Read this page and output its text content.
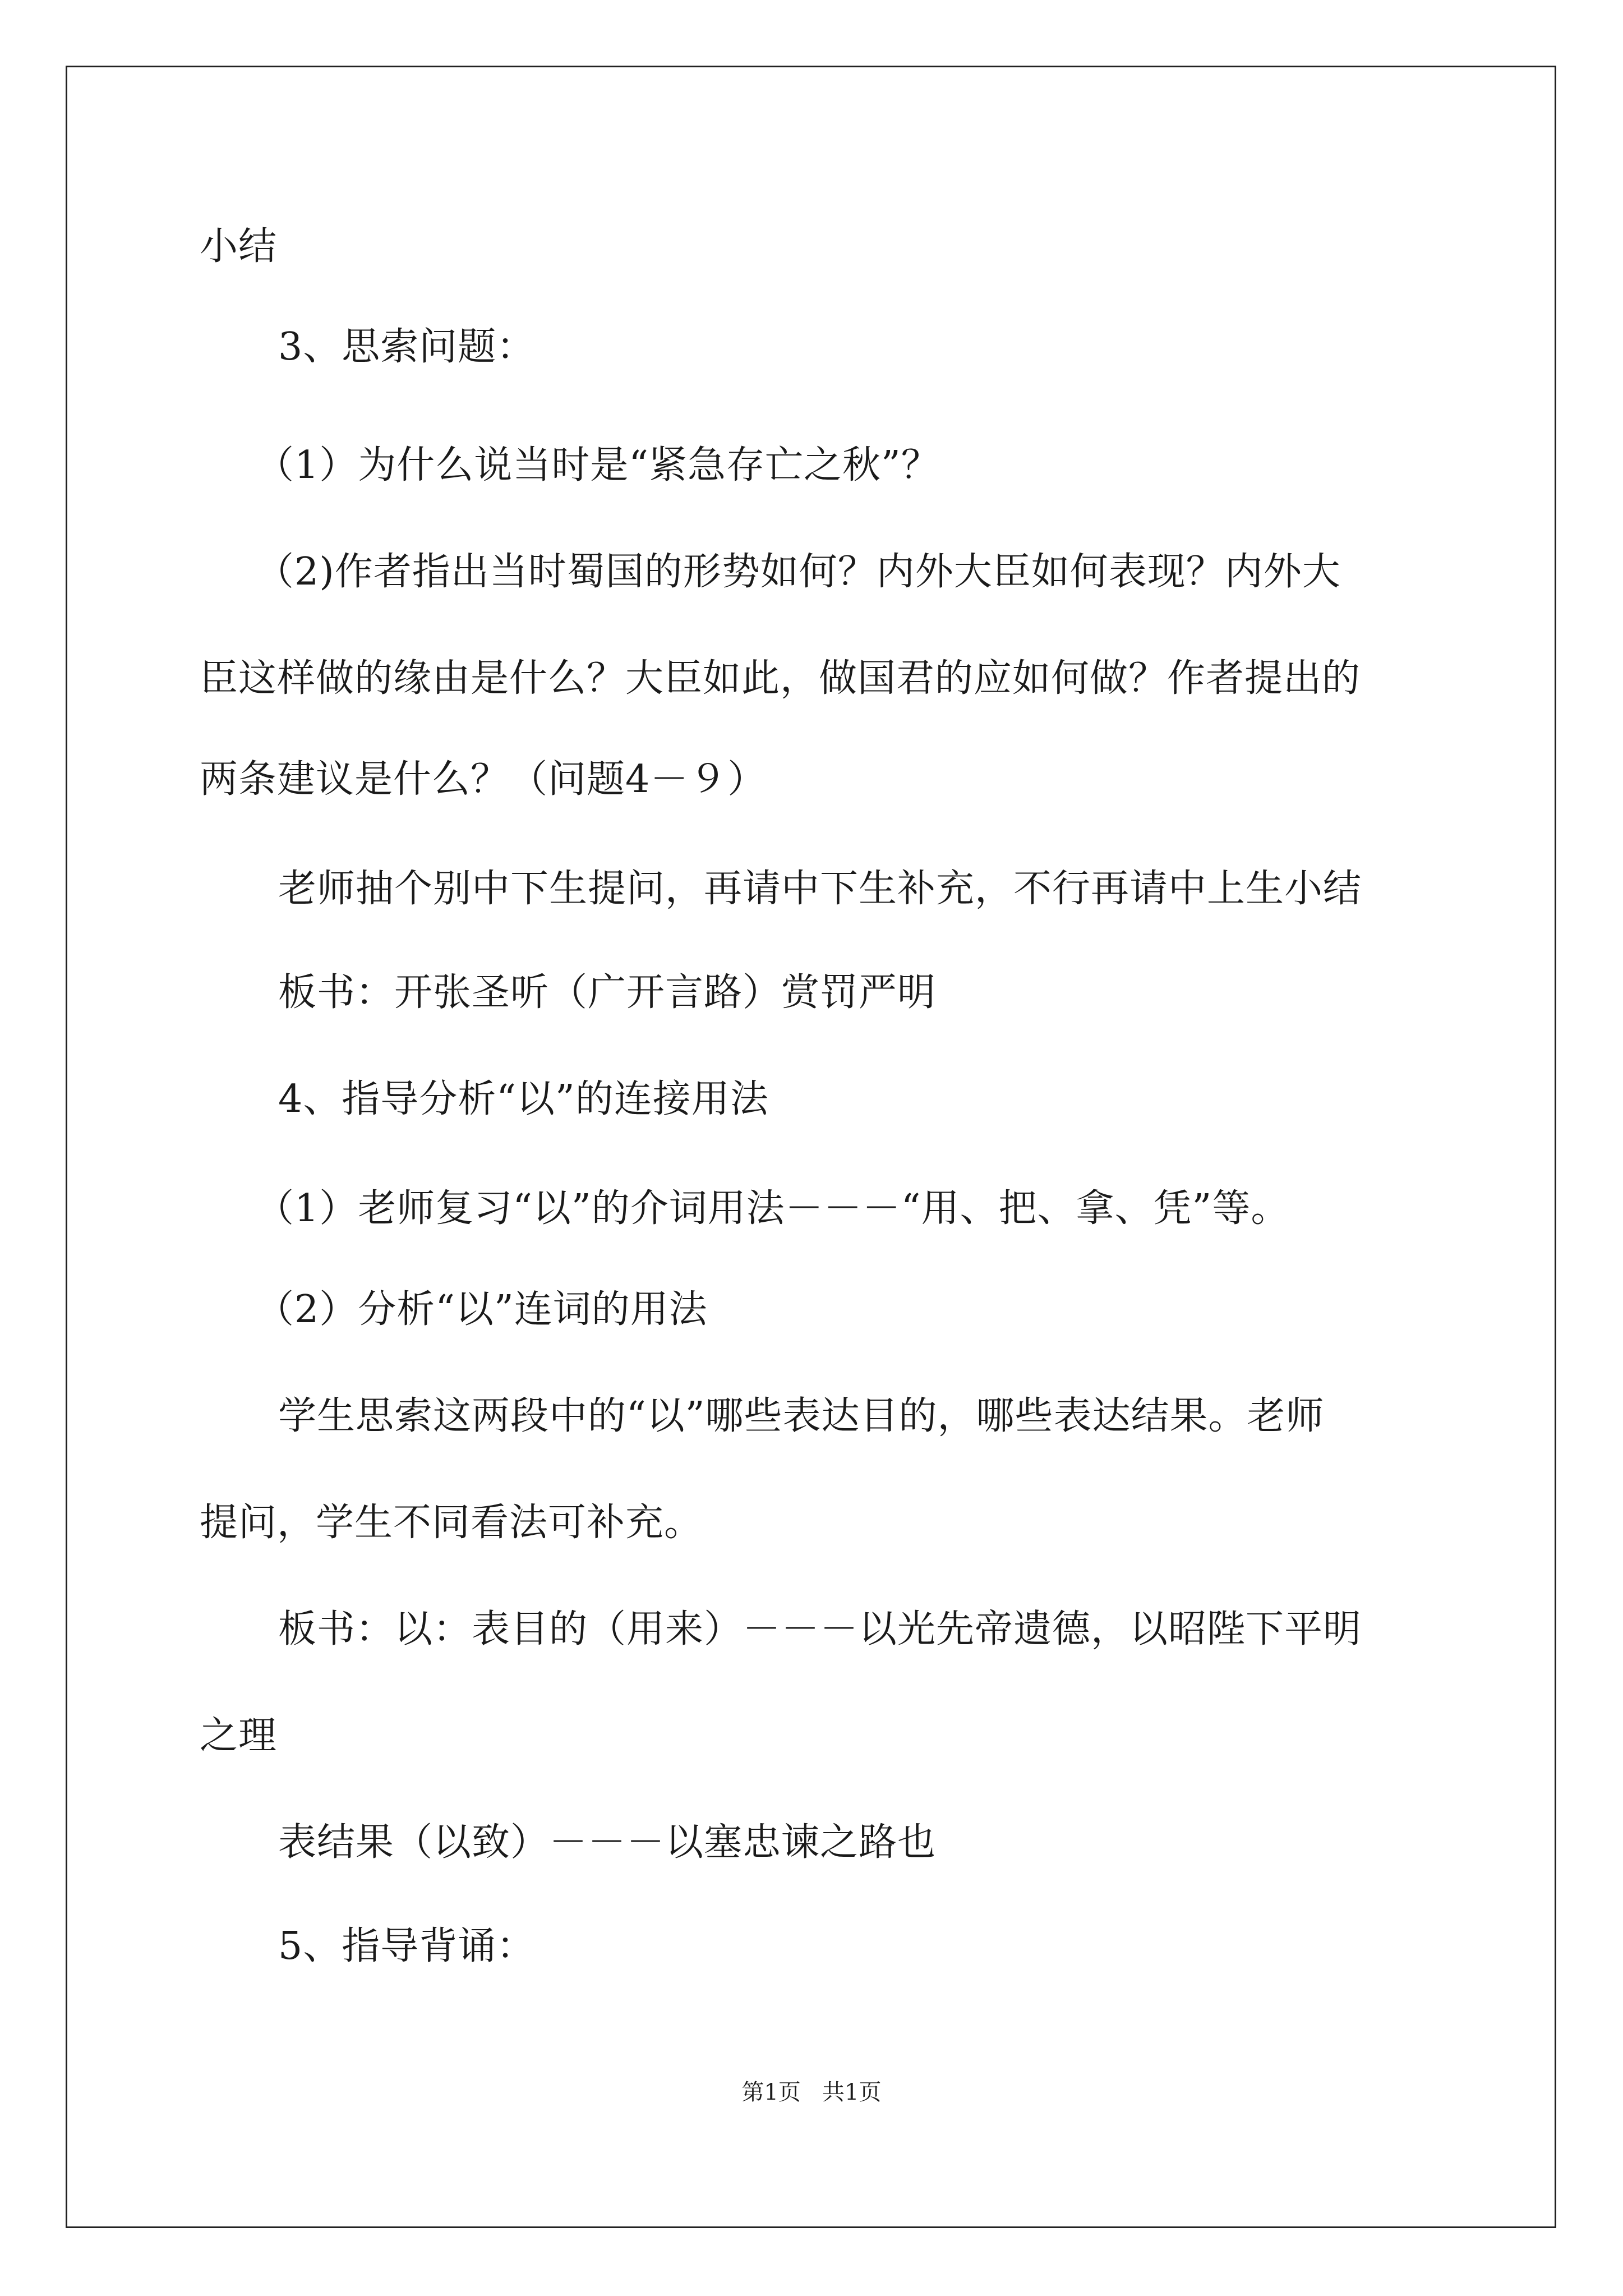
小结
3、思索问题：
（1）为什么说当时是“紧急存亡之秋”？
（2)作者指出当时蜀国的形势如何？内外大臣如何表现？内外大
臣这样做的缘由是什么？大臣如此，做国君的应如何做？作者提出的
两条建议是什么？（问题4－９）
老师抽个别中下生提问，再请中下生补充，不行再请中上生小结
板书：开张圣听（广开言路）赏罚严明
4、指导分析“以”的连接用法
（1）老师复习“以”的介词用法－－－“用、把、拿、凭”等。
（2）分析“以”连词的用法
学生思索这两段中的“以”哪些表达目的，哪些表达结果。老师
提问，学生不同看法可补充。
板书：以：表目的（用来）－－－以光先帝遗德，以昭陛下平明
之理
表结果（以致）－－－以塞忠谏之路也
5、指导背诵：
第1页   共1页
